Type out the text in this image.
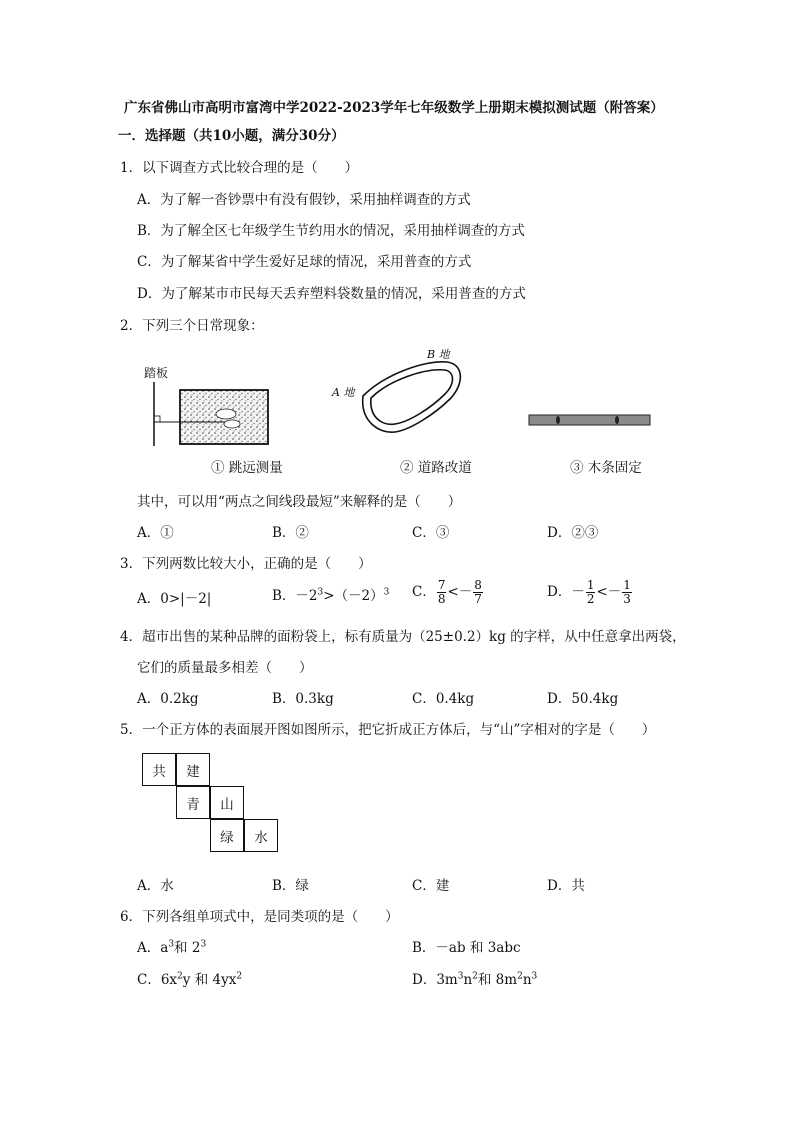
广东省佛山市高明市富湾中学2022-2023学年七年级数学上册期末模拟测试题（附答案）
一．选择题（共10小题，满分30分）
1．以下调查方式比较合理的是（　　）
A．为了解一沓钞票中有没有假钞，采用抽样调查的方式
B．为了解全区七年级学生节约用水的情况，采用抽样调查的方式
C．为了解某省中学生爱好足球的情况，采用普查的方式
D．为了解某市市民每天丢弃塑料袋数量的情况，采用普查的方式
2．下列三个日常现象：
踏板
A 地
B 地
① 跳远测量	② 道路改道	③ 木条固定
其中，可以用“两点之间线段最短”来解释的是（　　）
A．①	B．②	C．③	D．②③
3．下列两数比较大小，正确的是（　　）
A．0>|－2|	B．$-2^3>(-2)^3$ C． $\frac{7}{8} <- \frac{8}{7}$	D．－ $\frac{1}{2} <- \frac{1}{3}$
4．超市出售的某种品牌的面粉袋上，标有质量为（25±0.2）kg 的字样，从中任意拿出两袋，
它们的质量最多相差（　　）
A．0.2kg	B．0.3kg	C．0.4kg	D．50.4kg
5．一个正方体的表面展开图如图所示，把它折成正方体后，与“山”字相对的字是（　　）
共	建
青	山
绿	水
A．水	B．绿	C．建	D．共
6．下列各组单项式中，是同类项的是（　　）
A．$a^3$和 $2^3$	B．－ab 和 3abc
C．$6x^2y$ 和 $4yx^2$	D．$3m^3n^2$和 $8m^2n^3$
